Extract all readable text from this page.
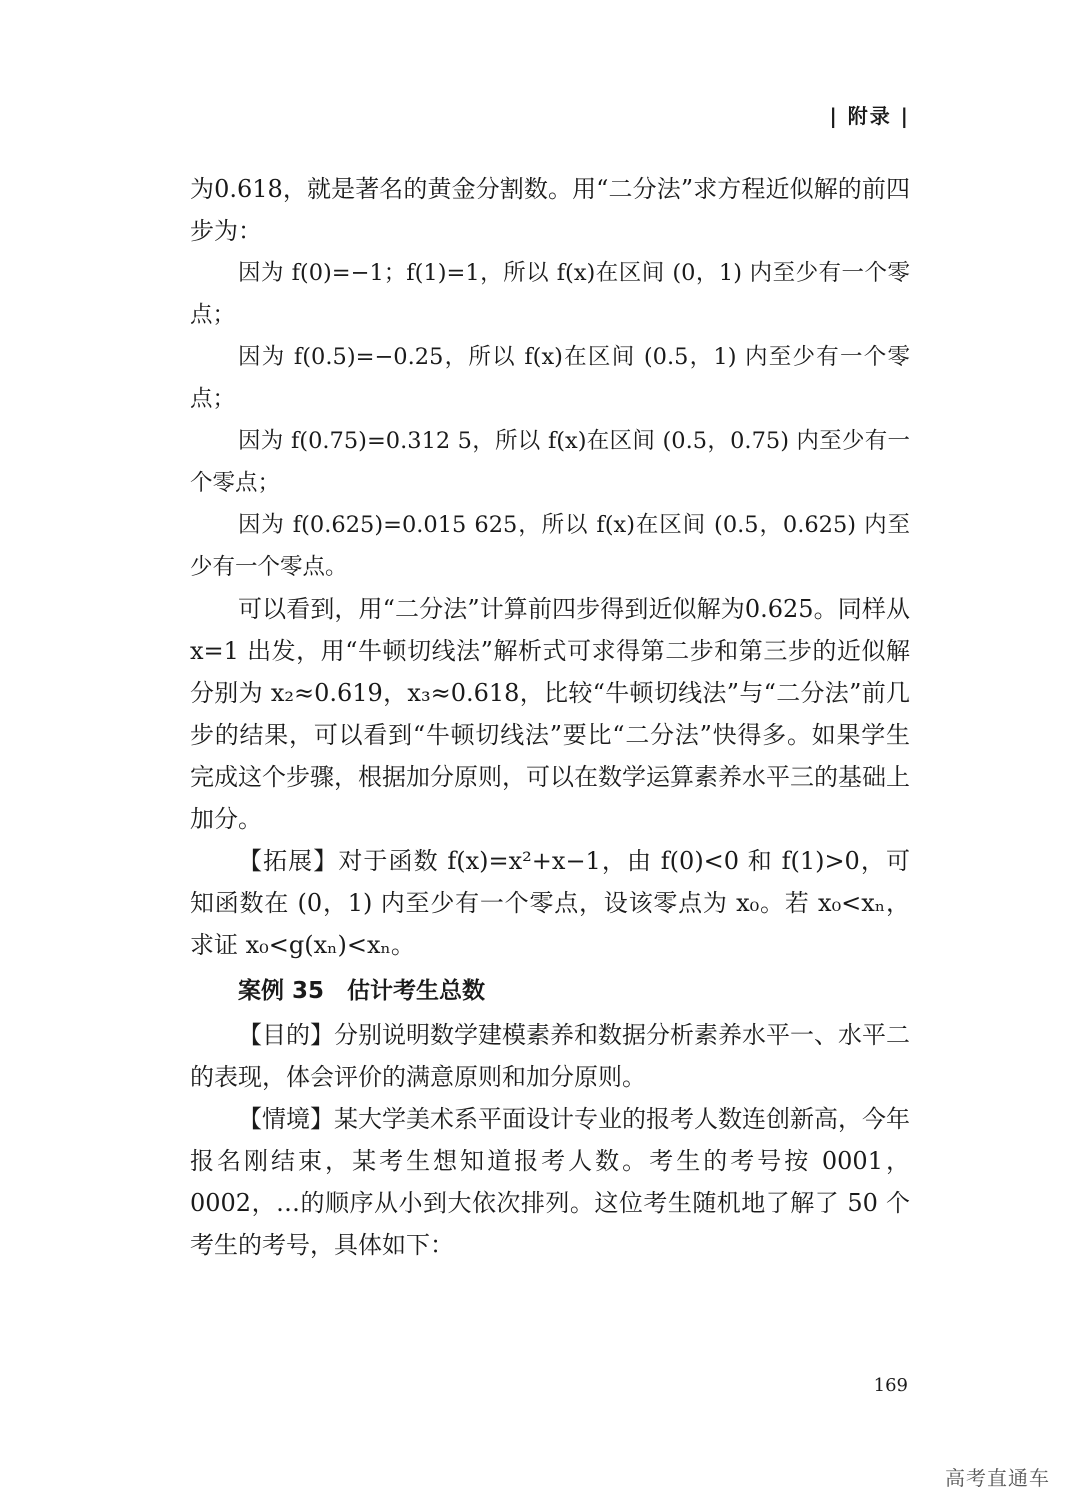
| 附录 |

为0.618，就是著名的黄金分割数。用“二分法”求方程近似解的前四步为：

因为 f(0)=−1；f(1)=1，所以 f(x)在区间 (0，1) 内至少有一个零点；

因为 f(0.5)=−0.25，所以 f(x)在区间 (0.5，1) 内至少有一个零点；

因为 f(0.75)=0.312 5，所以 f(x)在区间 (0.5，0.75) 内至少有一个零点；

因为 f(0.625)=0.015 625，所以 f(x)在区间 (0.5，0.625) 内至少有一个零点。

可以看到，用“二分法”计算前四步得到近似解为0.625。同样从 x=1 出发，用“牛顿切线法”解析式可求得第二步和第三步的近似解分别为 x₂≈0.619，x₃≈0.618，比较“牛顿切线法”与“二分法”前几步的结果，可以看到“牛顿切线法”要比“二分法”快得多。如果学生完成这个步骤，根据加分原则，可以在数学运算素养水平三的基础上加分。

【拓展】对于函数 f(x)=x²+x−1，由 f(0)<0 和 f(1)>0，可知函数在 (0，1) 内至少有一个零点，设该零点为 x₀。若 x₀<xₙ，求证 x₀<g(xₙ)<xₙ。

案例 35　估计考生总数

【目的】分别说明数学建模素养和数据分析素养水平一、水平二的表现，体会评价的满意原则和加分原则。

【情境】某大学美术系平面设计专业的报考人数连创新高，今年报名刚结束，某考生想知道报考人数。考生的考号按 0001，0002，…的顺序从小到大依次排列。这位考生随机地了解了 50 个考生的考号，具体如下：

169
高考直通车
